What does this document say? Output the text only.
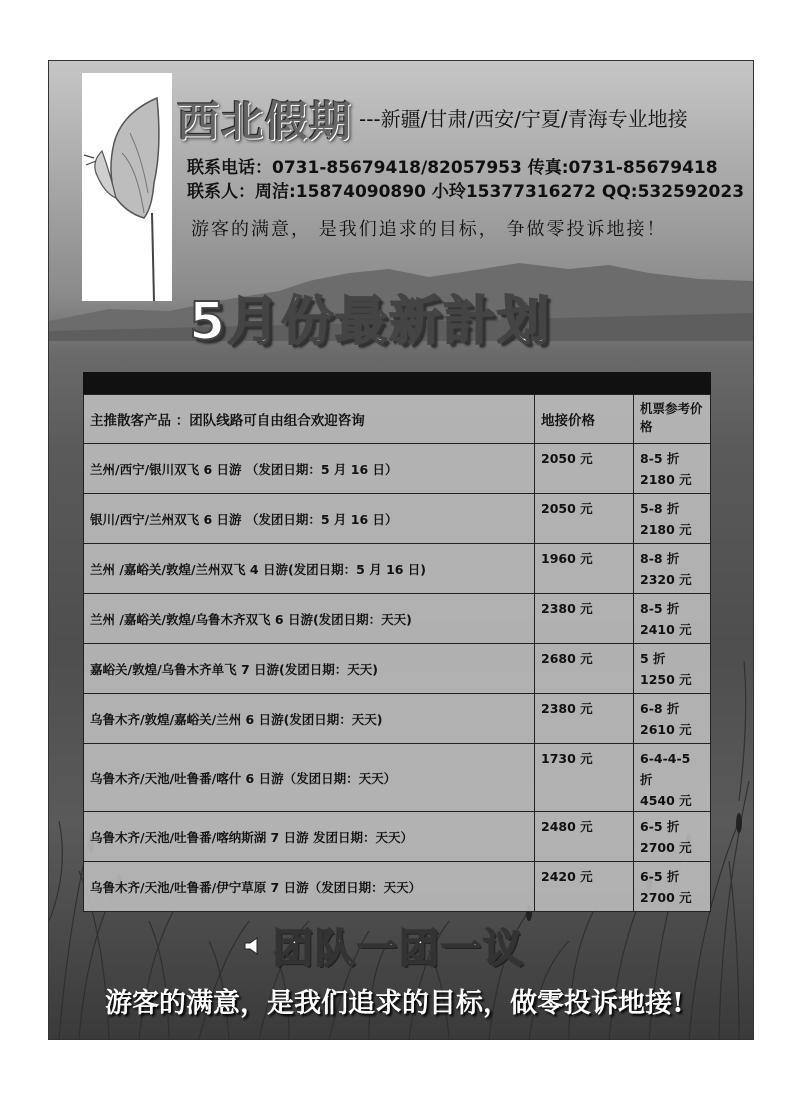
西北假期 ---新疆/甘肃/西安/宁夏/青海专业地接
联系电话：0731-85679418/82057953 传真:0731-85679418
联系人：周洁:15874090890 小玲15377316272 QQ:532592023
游客的满意， 是我们追求的目标， 争做零投诉地接！
5月份最新計划
主推散客产品 ：团队线路可自由组合欢迎咨询	地接价格	机票参考价格
兰州/西宁/银川双飞 6 日游 （发团日期：5 月 16 日）	2050 元	8-5 折
2180 元

银川/西宁/兰州双飞 6 日游 （发团日期：5 月 16 日）	2050 元	5-8 折
2180 元

兰州 /嘉峪关/敦煌/兰州双飞 4 日游(发团日期：5 月 16 日)	1960 元	8-8 折
2320 元

兰州 /嘉峪关/敦煌/乌鲁木齐双飞 6 日游(发团日期：天天)	2380 元	8-5 折
2410 元

嘉峪关/敦煌/乌鲁木齐单飞 7 日游(发团日期：天天)	2680 元	5 折
1250 元

乌鲁木齐/敦煌/嘉峪关/兰州 6 日游(发团日期：天天)	2380 元	6-8 折
2610 元

乌鲁木齐/天池/吐鲁番/喀什 6 日游（发团日期：天天）	1730 元	6-4-4-5 折
4540 元

乌鲁木齐/天池/吐鲁番/喀纳斯湖 7 日游 发团日期：天天）	2480 元	6-5 折
2700 元

乌鲁木齐/天池/吐鲁番/伊宁草原 7 日游（发团日期：天天）	2420 元	6-5 折
2700 元
团队一团一议
游客的满意，是我们追求的目标，做零投诉地接!
